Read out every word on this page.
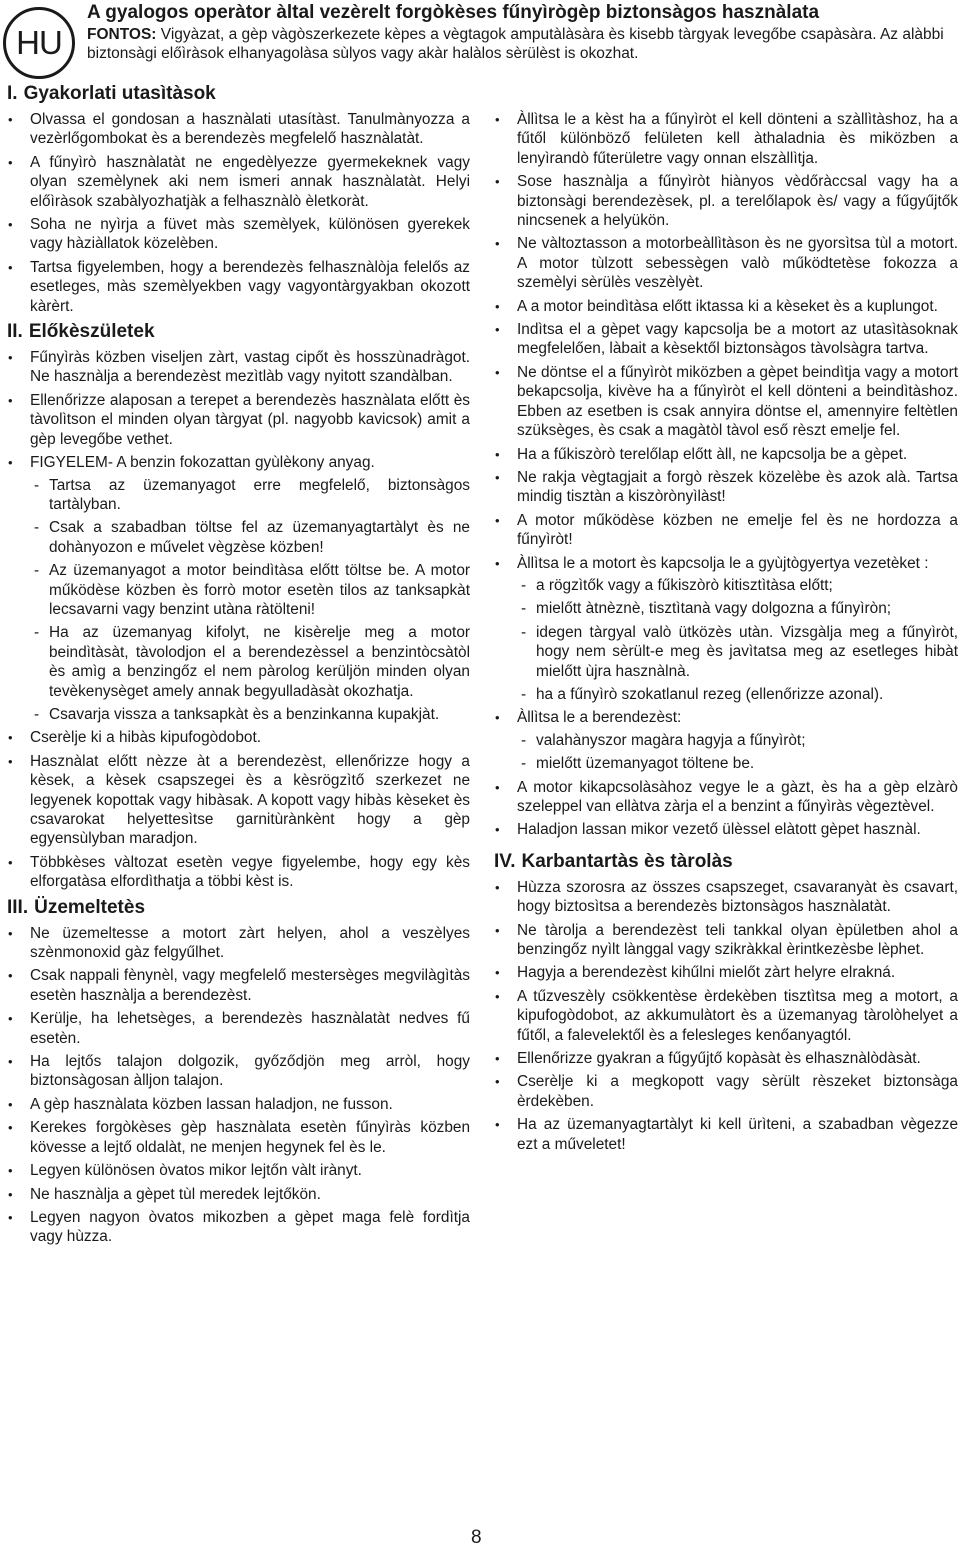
HU
A gyalogos operàtor àltal vezèrelt forgòkèses fűnyìrògèp biztonsàgos hasznàlata
FONTOS: Vigyàzat, a gèp vàgòszerkezete kèpes a vègtagok amputàlàsàra ès kisebb tàrgyak levegőbe csapàsàra. Az alàbbi biztonsàgi előìràsok elhanyagolàsa sùlyos vagy akàr halàlos sèrülèst is okozhat.
I. Gyakorlati utasìtàsok
• Olvassa el gondosan a hasznàlati utasítàst. Tanulmànyozza a vezèrlőgombokat ès a berendezès megfelelő hasznàlatàt.
• A fűnyìrò hasznàlatàt ne engedèlyezze gyermekeknek vagy olyan szemèlynek aki nem ismeri annak hasznàlatàt. Helyi előìràsok szabàlyozhatjàk a felhasznàlò èletkoràt.
• Soha ne nyìrja a füvet màs szemèlyek, különösen gyerekek vagy hàziàllatok közelèben.
• Tartsa figyelemben, hogy a berendezès felhasznàlòja felelős az esetleges, màs szemèlyekben vagy vagyontàrgyakban okozott kàrèrt.
II. Előkèszületek
• Fűnyìràs közben viseljen zàrt, vastag cipőt ès hosszùnadràgot. Ne hasznàlja a berendezèst mezìtlàb vagy nyitott szandàlban.
• Ellenőrizze alaposan a terepet a berendezès hasznàlata előtt ès tàvolìtson el minden olyan tàrgyat (pl. nagyobb kavicsok) amit a gèp levegőbe vethet.
• FIGYELEM- A benzin fokozattan gyùlèkony anyag.
- Tartsa az üzemanyagot erre megfelelő, biztonsàgos tartàlyban.
- Csak a szabadban töltse fel az üzemanyagtartàlyt ès ne dohànyozon e művelet vègzèse közben!
- Az üzemanyagot a motor beindìtàsa előtt töltse be. A motor működèse közben ès forrò motor esetèn tilos az tanksapkàt lecsavarni vagy benzint utàna ràtölteni!
- Ha az üzemanyag kifolyt, ne kisèrelje meg a motor beindìtàsàt, tàvolodjon el a berendezèssel a benzintòcsàtòl ès amìg a benzingőz el nem pàrolog kerüljön minden olyan tevèkenysèget amely annak begyulladàsàt okozhatja.
- Csavarja vissza a tanksapkàt ès a benzinkanna kupakjàt.
• Cserèlje ki a hibàs kipufogòdobot.
• Hasznàlat előtt nèzze àt a berendezèst, ellenőrizze hogy a kèsek, a kèsek csapszegei ès a kèsrögzìtő szerkezet ne legyenek kopottak vagy hibàsak. A kopott vagy hibàs kèseket ès csavarokat helyettesìtse garnitùrànkènt hogy a gèp egyensùlyban maradjon.
• Többkèses vàltozat esetèn vegye figyelembe, hogy egy kès elforgatàsa elfordìthatja a többi kèst is.
III. Üzemeltetès
• Ne üzemeltesse a motort zàrt helyen, ahol a veszèlyes szènmonoxid gàz felgyűlhet.
• Csak nappali fènynèl, vagy megfelelő mestersèges megvilàgìtàs esetèn hasznàlja a berendezèst.
• Kerülje, ha lehetsèges, a berendezès hasznàlatàt nedves fű esetèn.
• Ha lejtős talajon dolgozik, győződjön meg arròl, hogy biztonsàgosan àlljon talajon.
• A gèp hasznàlata közben lassan haladjon, ne fusson.
• Kerekes forgòkèses gèp hasznàlata esetèn fűnyìràs közben kövesse a lejtő oldalàt, ne menjen hegynek fel ès le.
• Legyen különösen òvatos mikor lejtőn vàlt irànyt.
• Ne hasznàlja a gèpet tùl meredek lejtőkön.
• Legyen nagyon òvatos mikozben a gèpet maga felè fordìtja vagy hùzza.
• Àllìtsa le a kèst ha a fűnyìròt el kell dönteni a szàllìtàshoz, ha a fűtől különböző felületen kell àthaladnia ès miközben a lenyìrandò fűterületre vagy onnan elszàllìtja.
• Sose hasznàlja a fűnyìròt hiànyos vèdőràccsal vagy ha a biztonsàgi berendezèsek, pl. a terelőlapok ès/ vagy a fűgyűjtők nincsenek a helyükön.
• Ne vàltoztasson a motorbeàllìtàson ès ne gyorsìtsa tùl a motort. A motor tùlzott sebessègen valò működtetèse fokozza a szemèlyi sèrülès veszèlyèt.
• A a motor beindìtàsa előtt iktassa ki a kèseket ès a kuplungot.
• Indìtsa el a gèpet vagy kapcsolja be a motort az utasìtàsoknak megfelelően, làbait a kèsektől biztonsàgos tàvolsàgra tartva.
• Ne döntse el a fűnyìròt miközben a gèpet beindìtja vagy a motort bekapcsolja, kivève ha a fűnyìròt el kell dönteni a beindìtàshoz. Ebben az esetben is csak annyira döntse el, amennyire feltètlen szüksèges, ès csak a magàtòl tàvol eső rèszt emelje fel.
• Ha a fűkiszòrò terelőlap előtt àll, ne kapcsolja be a gèpet.
• Ne rakja vègtagjait a forgò rèszek közelèbe ès azok alà. Tartsa mindig tisztàn a kiszòrònyìlàst!
• A motor működèse közben ne emelje fel ès ne hordozza a fűnyìròt!
• Àllìtsa le a motort ès kapcsolja le a gyùjtògyertya vezetèket :
- a rögzìtők vagy a fűkiszòrò kitisztìtàsa előtt;
- mielőtt àtnèznè, tisztìtanà vagy dolgozna a fűnyìròn;
- idegen tàrgyal valò ütközès utàn. Vizsgàlja meg a fűnyìròt, hogy nem sèrült-e meg ès javìtatsa meg az esetleges hibàt mielőtt ùjra hasznàlnà.
- ha a fűnyìrò szokatlanul rezeg (ellenőrizze azonal).
• Àllìtsa le a berendezèst:
- valahànyszor magàra hagyja a fűnyìròt;
- mielőtt üzemanyagot töltene be.
• A motor kikapcsolàsàhoz vegye le a gàzt, ès ha a gèp elzàrò szeleppel van ellàtva zàrja el a benzint a fűnyìràs vègeztèvel.
• Haladjon lassan mikor vezető ülèssel elàtott gèpet hasznàl.
IV. Karbantartàs ès tàrolàs
• Hùzza szorosra az összes csapszeget, csavaranyàt ès csavart, hogy biztosìtsa a berendezès biztonsàgos hasznàlatàt.
• Ne tàrolja a berendezèst teli tankkal olyan èpületben ahol a benzingőz nyìlt lànggal vagy szikràkkal èrintkezèsbe lèphet.
• Hagyja a berendezèst kihűlni mielőt zàrt helyre elrakná.
• A tűzveszèly csökkentèse èrdekèben tisztìtsa meg a motort, a kipufogòdobot, az akkumulàtort ès a üzemanyag tàrolòhelyet a fűtől, a falevelektől ès a felesleges kenőanyagtól.
• Ellenőrizze gyakran a fűgyűjtő kopàsàt ès elhasznàlòdàsàt.
• Cserèlje ki a megkopott vagy sèrült rèszeket biztonsàga èrdekèben.
• Ha az üzemanyagtartàlyt ki kell ürìteni, a szabadban vègezze ezt a műveletet!
8
